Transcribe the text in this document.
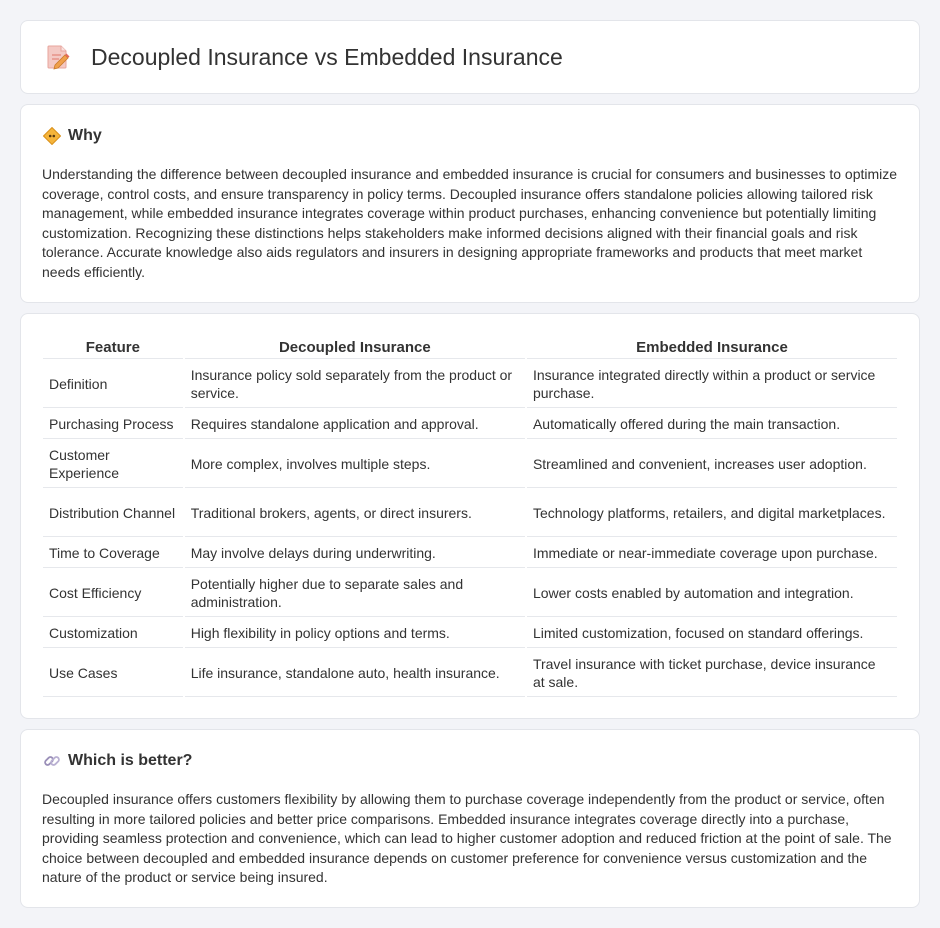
Decoupled Insurance vs Embedded Insurance
Why

Understanding the difference between decoupled insurance and embedded insurance is crucial for consumers and businesses to optimize coverage, control costs, and ensure transparency in policy terms. Decoupled insurance offers standalone policies allowing tailored risk management, while embedded insurance integrates coverage within product purchases, enhancing convenience but potentially limiting customization. Recognizing these distinctions helps stakeholders make informed decisions aligned with their financial goals and risk tolerance. Accurate knowledge also aids regulators and insurers in designing appropriate frameworks and products that meet market needs efficiently.

Feature	Decoupled Insurance	Embedded Insurance
Definition	Insurance policy sold separately from the product or service.	Insurance integrated directly within a product or service purchase.
Purchasing Process	Requires standalone application and approval.	Automatically offered during the main transaction.
Customer Experience	More complex, involves multiple steps.	Streamlined and convenient, increases user adoption.
Distribution Channel	Traditional brokers, agents, or direct insurers.	Technology platforms, retailers, and digital marketplaces.
Time to Coverage	May involve delays during underwriting.	Immediate or near-immediate coverage upon purchase.
Cost Efficiency	Potentially higher due to separate sales and administration.	Lower costs enabled by automation and integration.
Customization	High flexibility in policy options and terms.	Limited customization, focused on standard offerings.
Use Cases	Life insurance, standalone auto, health insurance.	Travel insurance with ticket purchase, device insurance at sale.
Which is better?

Decoupled insurance offers customers flexibility by allowing them to purchase coverage independently from the product or service, often resulting in more tailored policies and better price comparisons. Embedded insurance integrates coverage directly into a purchase, providing seamless protection and convenience, which can lead to higher customer adoption and reduced friction at the point of sale. The choice between decoupled and embedded insurance depends on customer preference for convenience versus customization and the nature of the product or service being insured.
